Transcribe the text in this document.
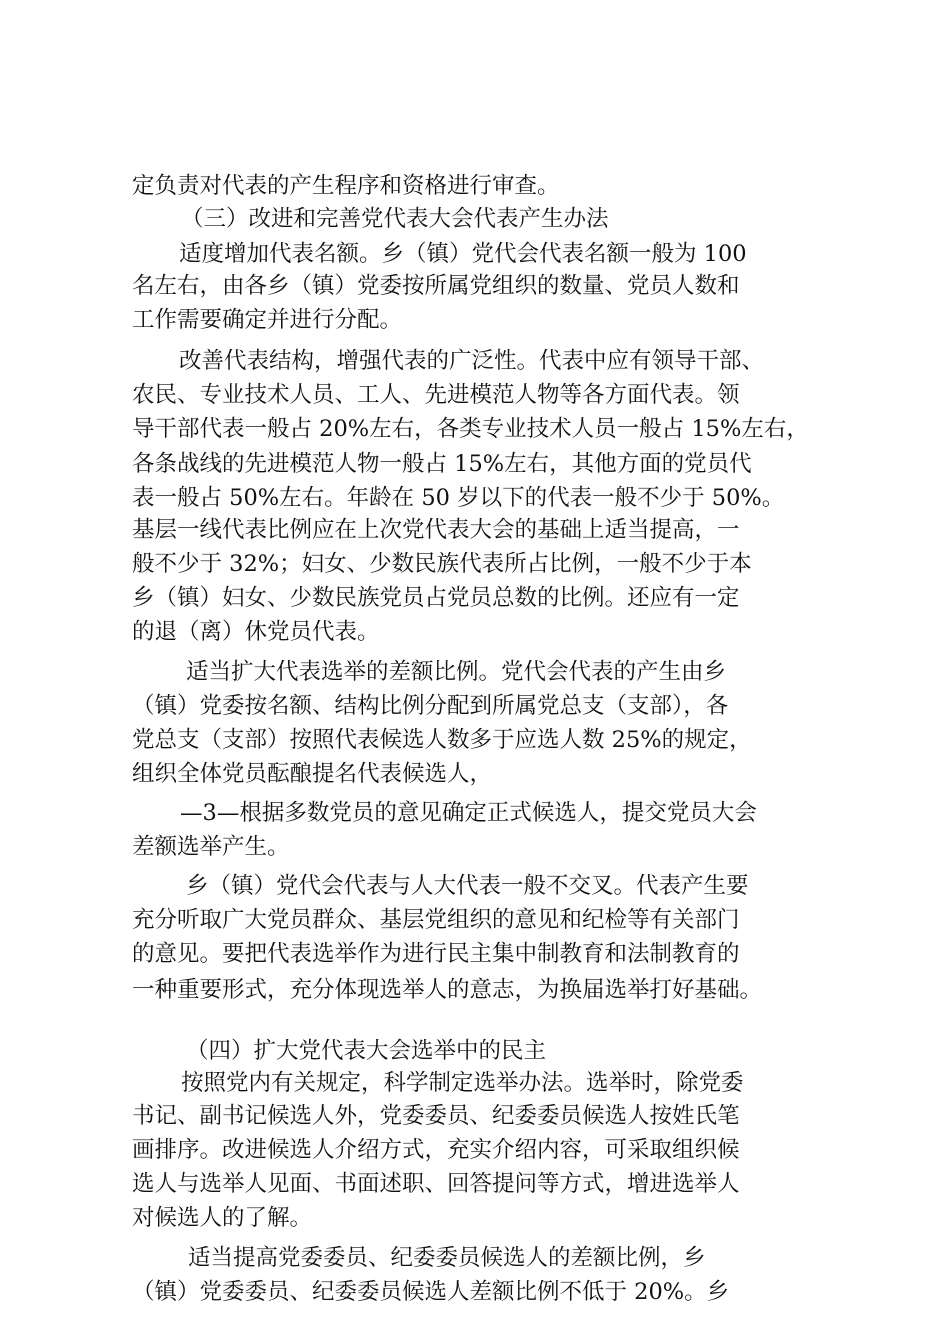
定负责对代表的产生程序和资格进行审查。
（三）改进和完善党代表大会代表产生办法
适度增加代表名额。乡（镇）党代会代表名额一般为 100
名左右，由各乡（镇）党委按所属党组织的数量、党员人数和
工作需要确定并进行分配。
改善代表结构，增强代表的广泛性。代表中应有领导干部、
农民、专业技术人员、工人、先进模范人物等各方面代表。领
导干部代表一般占 20%左右，各类专业技术人员一般占 15%左右，
各条战线的先进模范人物一般占 15%左右，其他方面的党员代
表一般占 50%左右。年龄在 50 岁以下的代表一般不少于 50%。
基层一线代表比例应在上次党代表大会的基础上适当提高，一
般不少于 32%；妇女、少数民族代表所占比例，一般不少于本
乡（镇）妇女、少数民族党员占党员总数的比例。还应有一定
的退（离）休党员代表。
适当扩大代表选举的差额比例。党代会代表的产生由乡
（镇）党委按名额、结构比例分配到所属党总支（支部），各
党总支（支部）按照代表候选人数多于应选人数 25%的规定，
组织全体党员酝酿提名代表候选人，
—3—根据多数党员的意见确定正式候选人，提交党员大会
差额选举产生。
乡（镇）党代会代表与人大代表一般不交叉。代表产生要
充分听取广大党员群众、基层党组织的意见和纪检等有关部门
的意见。要把代表选举作为进行民主集中制教育和法制教育的
一种重要形式，充分体现选举人的意志，为换届选举打好基础。
（四）扩大党代表大会选举中的民主
按照党内有关规定，科学制定选举办法。选举时，除党委
书记、副书记候选人外，党委委员、纪委委员候选人按姓氏笔
画排序。改进候选人介绍方式，充实介绍内容，可采取组织候
选人与选举人见面、书面述职、回答提问等方式，增进选举人
对候选人的了解。
适当提高党委委员、纪委委员候选人的差额比例，乡
（镇）党委委员、纪委委员候选人差额比例不低于 20%。乡
